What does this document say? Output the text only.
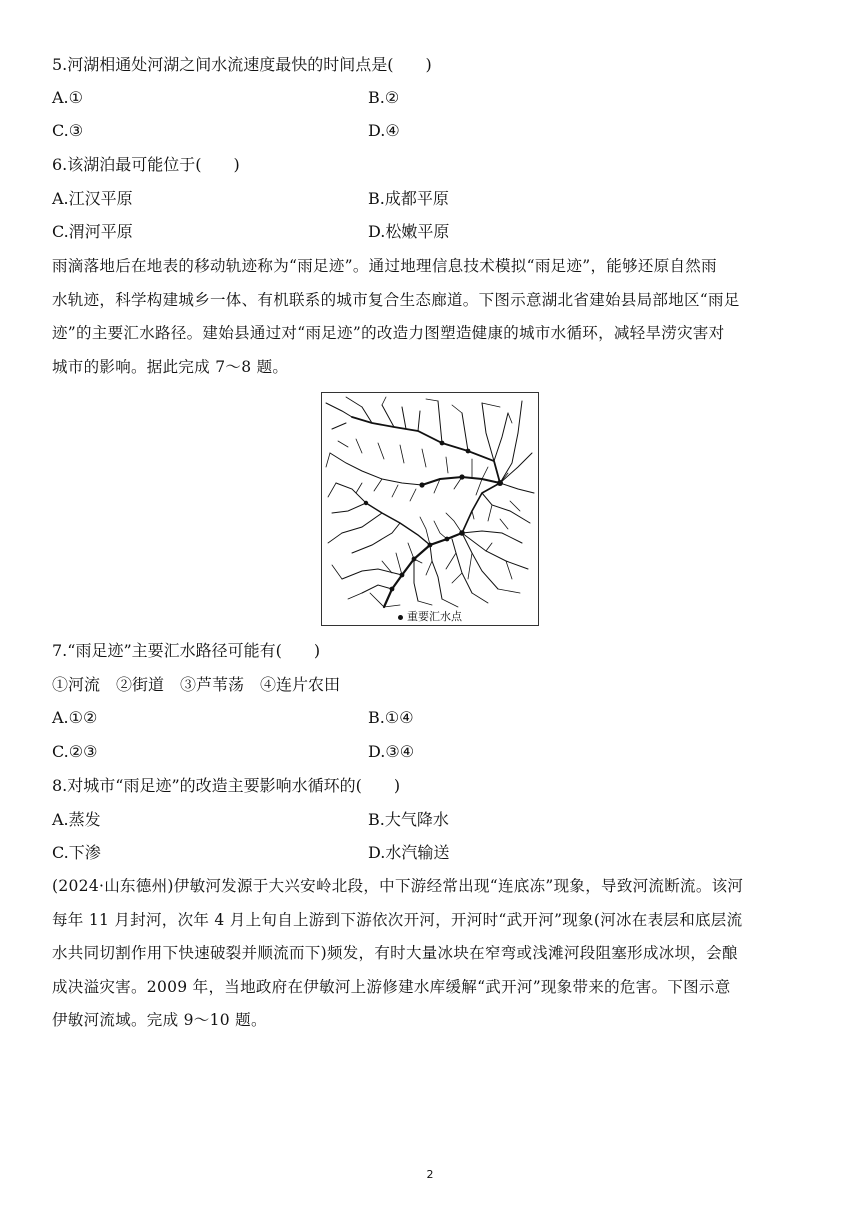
5.河湖相通处河湖之间水流速度最快的时间点是(　　)
A.①	B.②
C.③	D.④
6.该湖泊最可能位于(　　)
A.江汉平原	B.成都平原
C.渭河平原	D.松嫩平原
雨滴落地后在地表的移动轨迹称为“雨足迹”。通过地理信息技术模拟“雨足迹”，能够还原自然雨
水轨迹，科学构建城乡一体、有机联系的城市复合生态廊道。下图示意湖北省建始县局部地区“雨足
迹”的主要汇水路径。建始县通过对“雨足迹”的改造力图塑造健康的城市水循环，减轻旱涝灾害对
城市的影响。据此完成 7～8 题。
重要汇水点
7.“雨足迹”主要汇水路径可能有(　　)
①河流　②街道　③芦苇荡　④连片农田
A.①②	B.①④
C.②③	D.③④
8.对城市“雨足迹”的改造主要影响水循环的(　　)
A.蒸发	B.大气降水
C.下渗	D.水汽输送
(2024·山东德州)伊敏河发源于大兴安岭北段，中下游经常出现“连底冻”现象，导致河流断流。该河
每年 11 月封河，次年 4 月上旬自上游到下游依次开河，开河时“武开河”现象(河冰在表层和底层流
水共同切割作用下快速破裂并顺流而下)频发，有时大量冰块在窄弯或浅滩河段阻塞形成冰坝，会酿
成决溢灾害。2009 年，当地政府在伊敏河上游修建水库缓解“武开河”现象带来的危害。下图示意
伊敏河流域。完成 9～10 题。
2
